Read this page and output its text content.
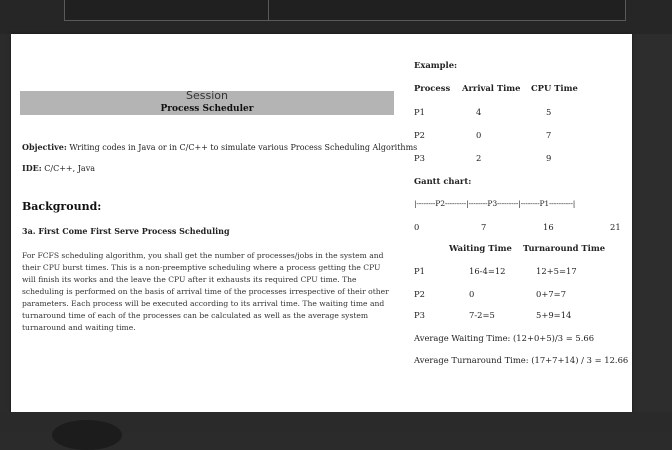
Session
Process Scheduler
Objective: Writing codes in Java or in C/C++ to simulate various Process Scheduling Algorithms
IDE: C/C++, Java
Background:
3a. First Come First Serve Process Scheduling
For FCFS scheduling algorithm, you shall get the number of processes/jobs in the system and their CPU burst times. This is a non-preemptive scheduling where a process getting the CPU will finish its works and the leave the CPU after it exhausts its required CPU time. The scheduling is performed on the basis of arrival time of the processes irrespective of their other parameters. Each process will be executed according to its arrival time. The waiting time and turnaround time of each of the processes can be calculated as well as the average system turnaround and waiting time.
Example:
Process Arrival Time CPU Time
P1	4	5
P2	0	7
P3	2	9
Gantt chart:
|--------P2---------|--------P3---------|--------P1----------|
0	7	16	21
Waiting Time Turnaround Time
P1	16-4=12	12+5=17
P2	0	0+7=7
P3	7-2=5	5+9=14
Average Waiting Time: (12+0+5)/3 = 5.66
Average Turnaround Time: (17+7+14) / 3 = 12.66
